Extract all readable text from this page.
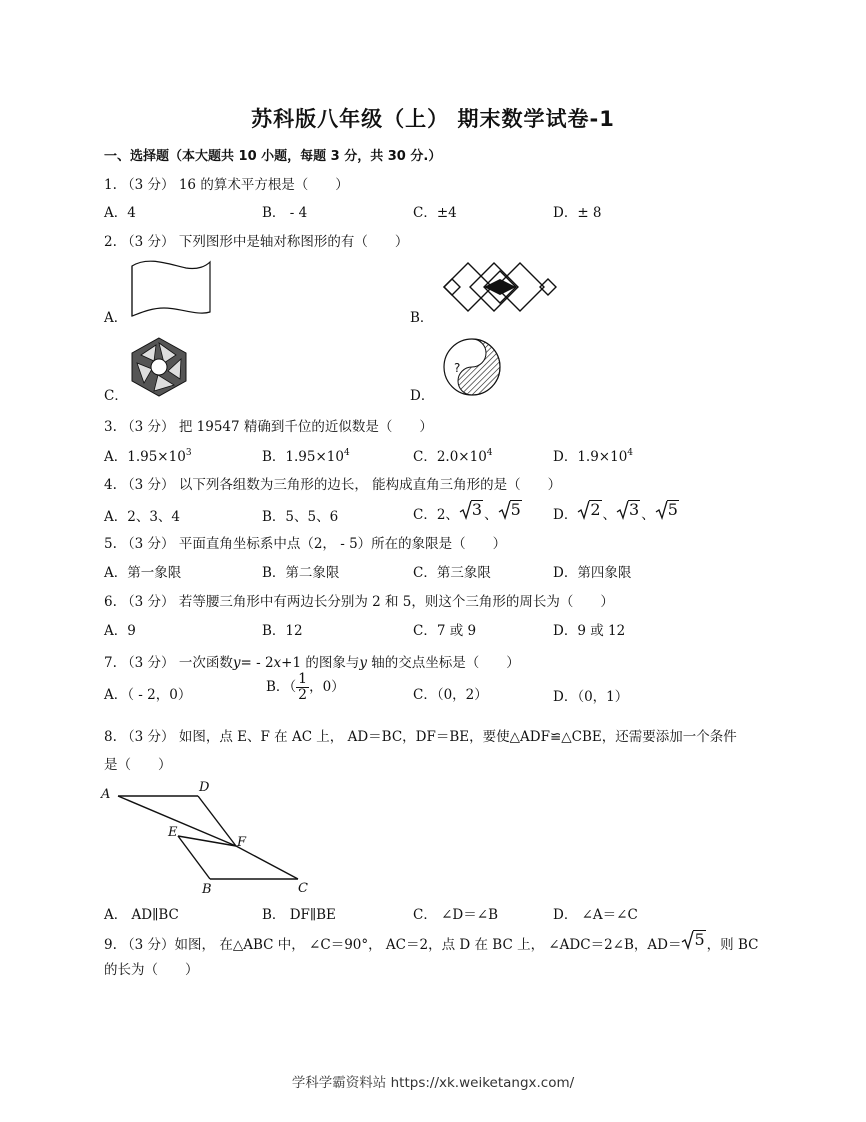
苏科版八年级（上） 期末数学试卷-1
一、选择题（本大题共 10 小题，每题 3 分，共 30 分.）
1. （3 分） 16 的算术平方根是（　　）
A．4	B． - 4	C．±4	D．± 8
2. （3 分） 下列图形中是轴对称图形的有（　　）
A．	B．
C．	D．
?
3. （3 分） 把 19547 精确到千位的近似数是（　　）
A．$1.95\times 10^3$	B．$1.95\times 10^4$	C．$2.0\times 10^4$	D．$1.9\times 10^4$
4. （3 分） 以下列各组数为三角形的边长， 能构成直角三角形的是（　　）
A．2、3、4	B．5、5、6	C．2、 3 、 5 D． 2 、 3 、 5
5. （3 分） 平面直角坐标系中点（2， - 5）所在的象限是（　　）
A．第一象限	B．第二象限	C．第三象限	D．第四象限
6. （3 分） 若等腰三角形中有两边长分别为 2 和 5，则这个三角形的周长为（　　）
A．9	B．12	C．7 或 9	D．9 或 12
7. （3 分） 一次函数y= - 2x+1 的图象与y 轴的交点坐标是（　　）
A．（ - 2，0）	B．（ $\frac{1}{2}$ ，0）	C．（0，2）	D．（0，1）
8. （3 分） 如图，点 E、F 在 AC 上， AD＝BC，DF＝BE，要使△ADF≌△CBE，还需要添加一个条件
是（　　）
A	D
E
F
B	C
A． AD∥BC	B． DF∥BE	C． ∠D＝∠B	D． ∠A＝∠C
9. （3 分）如图， 在△ABC 中， ∠C＝90°， AC＝2，点 D 在 BC 上， ∠ADC＝2∠B，AD＝ 5 ，则 BC
的长为（　　）
学科学霸资料站 https://xk.weiketangx.com/
